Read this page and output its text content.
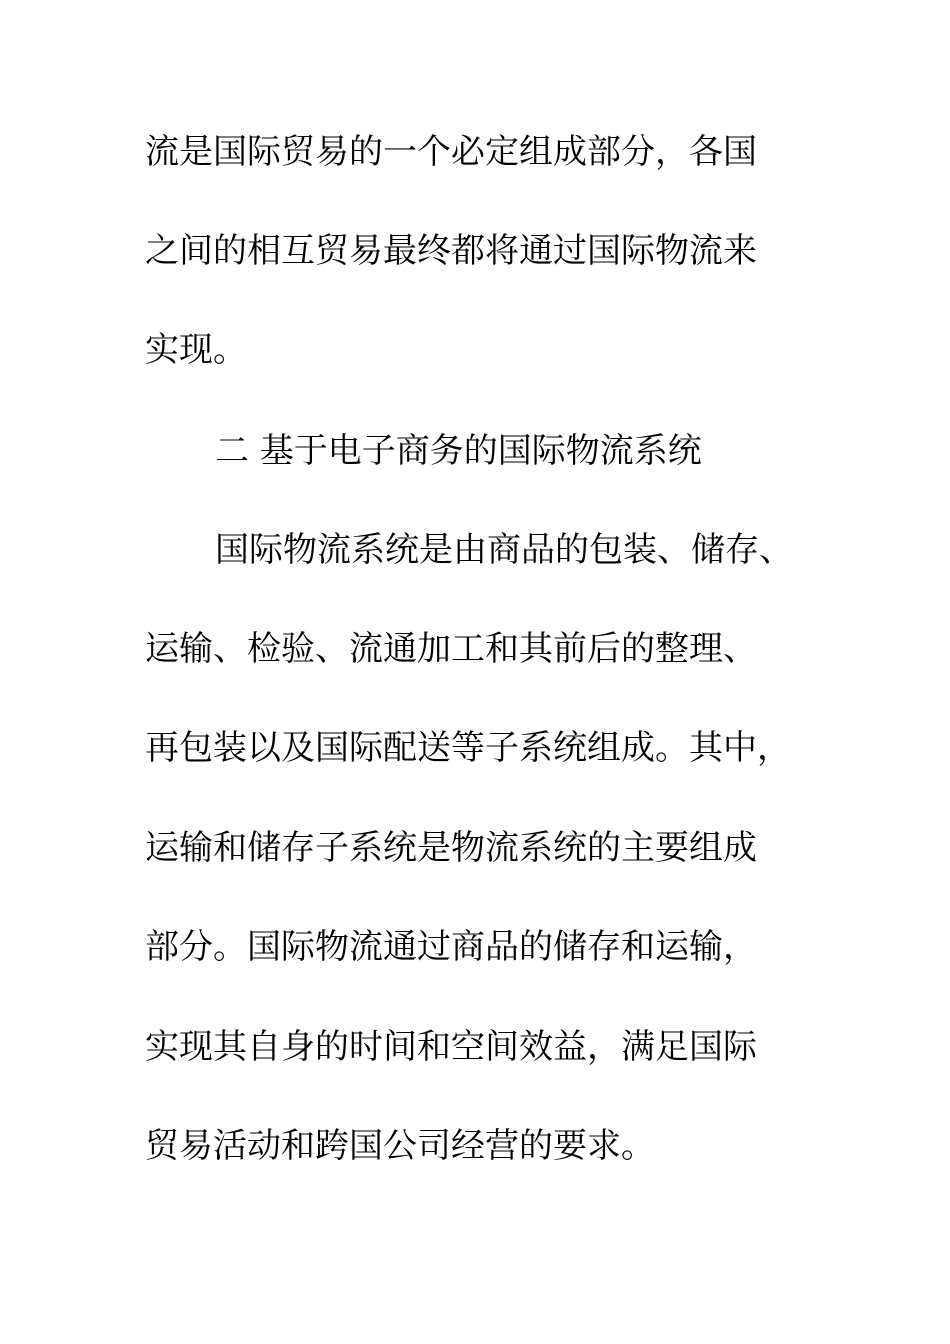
流是国际贸易的一个必定组成部分，各国
之间的相互贸易最终都将通过国际物流来
实现。
二 基于电子商务的国际物流系统
国际物流系统是由商品的包装、储存、
运输、检验、流通加工和其前后的整理、
再包装以及国际配送等子系统组成。其中，
运输和储存子系统是物流系统的主要组成
部分。国际物流通过商品的储存和运输，
实现其自身的时间和空间效益，满足国际
贸易活动和跨国公司经营的要求。
